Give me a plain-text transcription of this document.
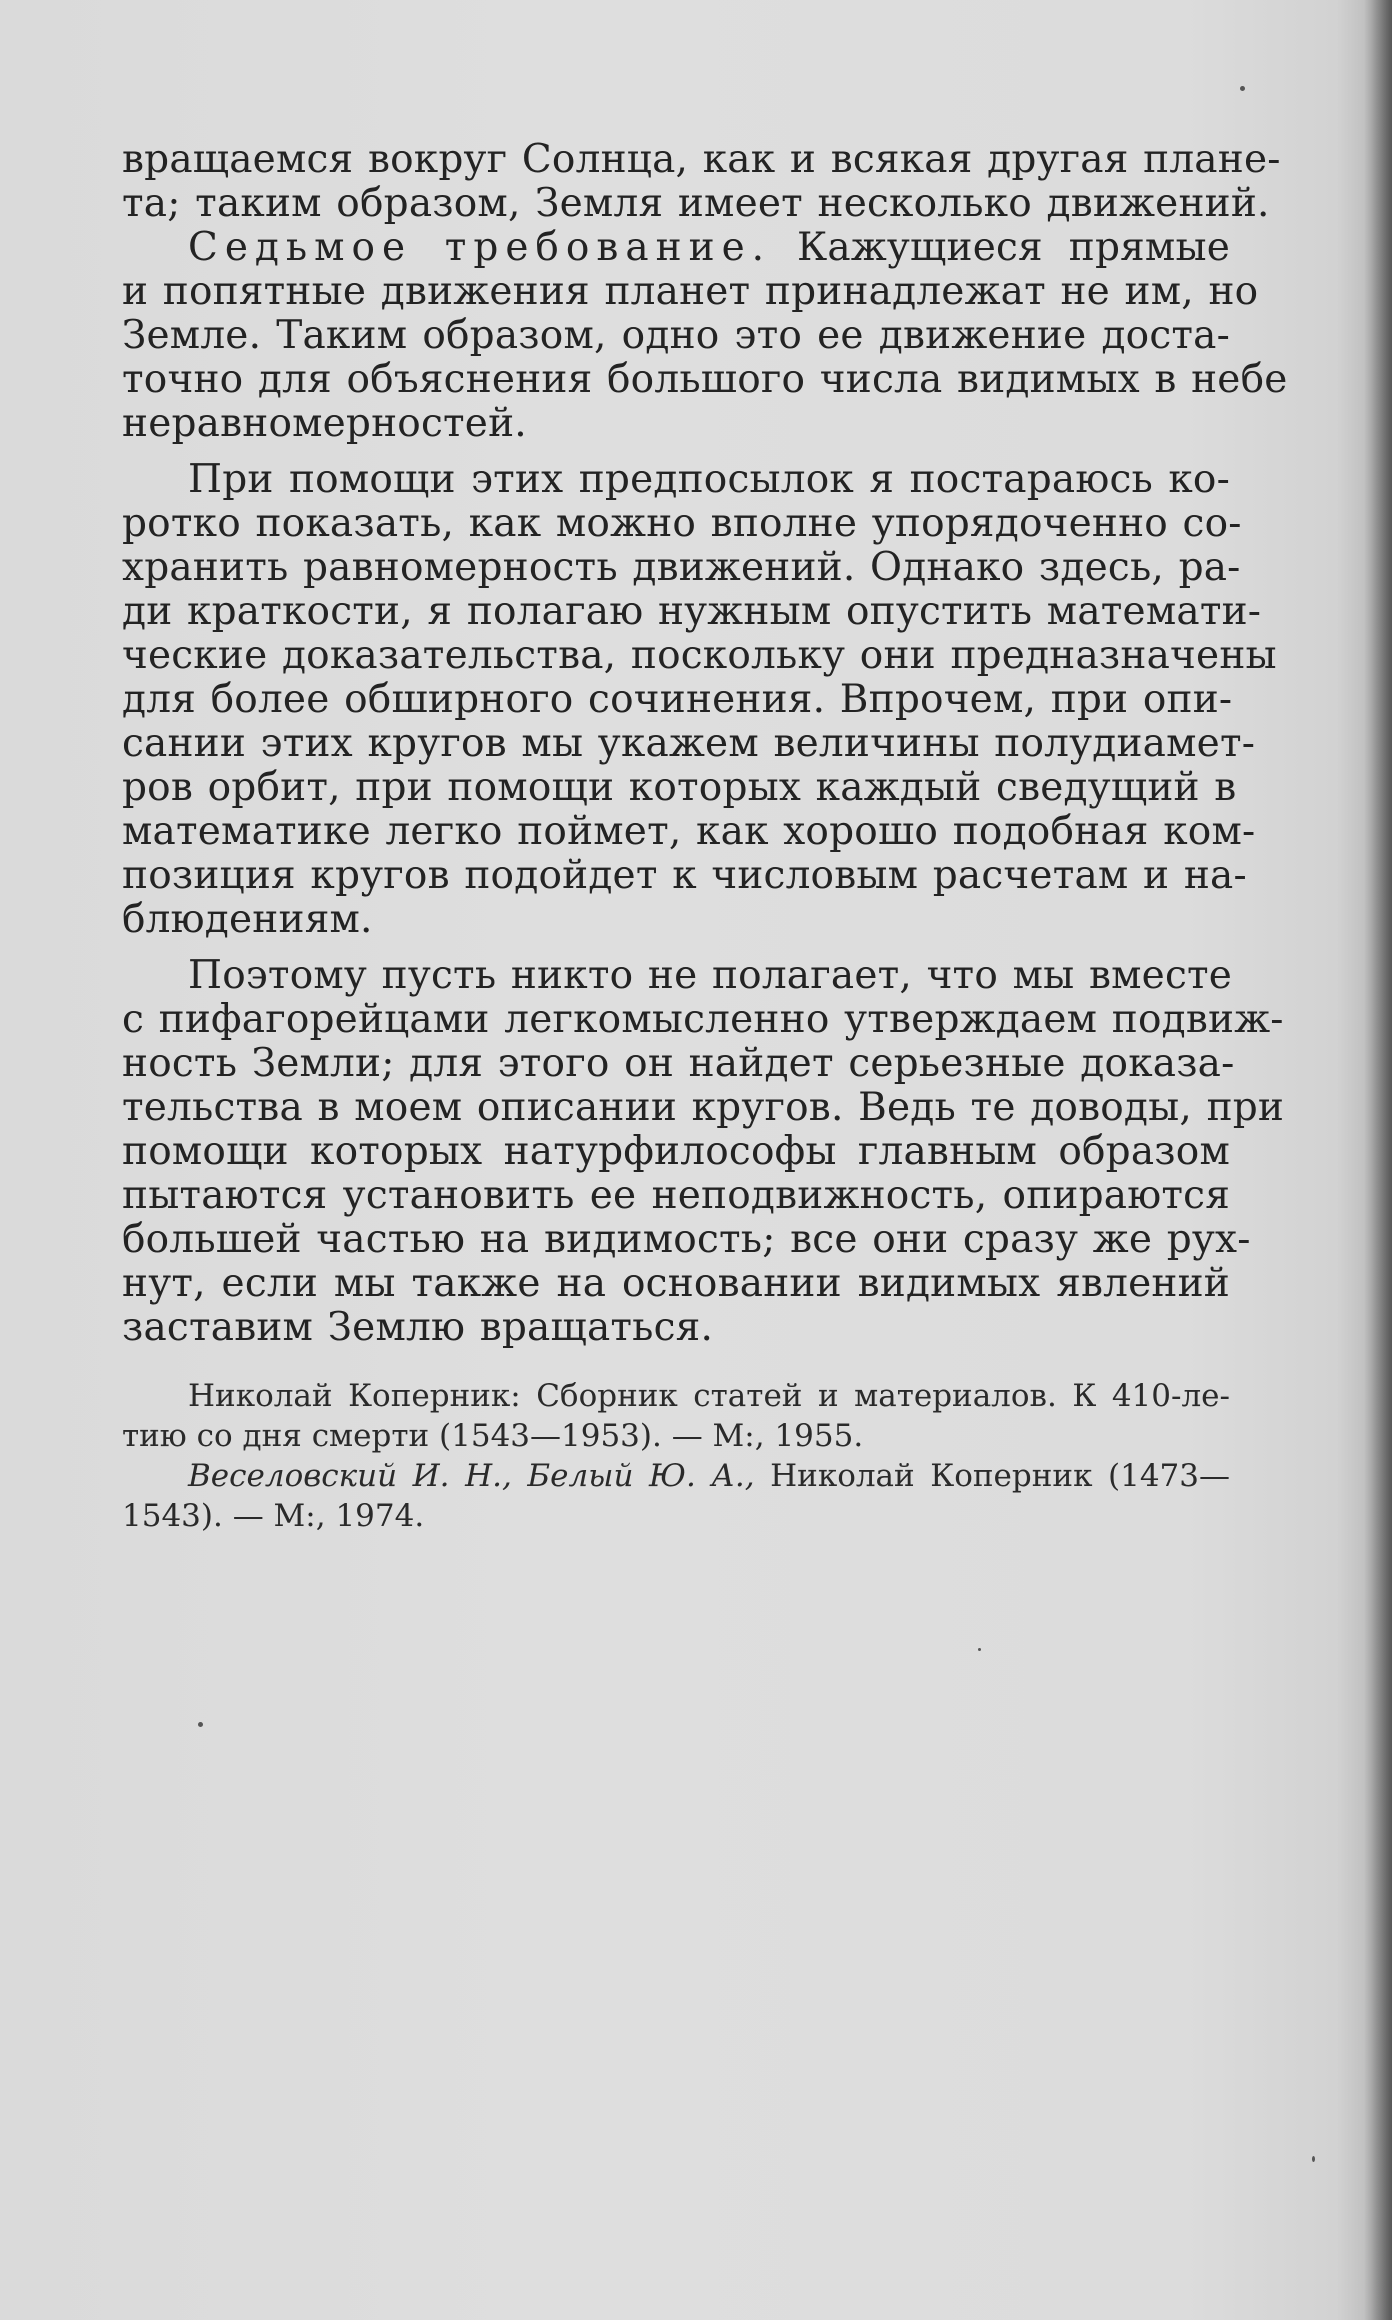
вращаемся вокруг Солнца, как и всякая другая плане-
та; таким образом, Земля имеет несколько движений.
Седьмое требование. Кажущиеся прямые
и попятные движения планет принадлежат не им, но
Земле. Таким образом, одно это ее движение доста-
точно для объяснения большого числа видимых в небе
неравномерностей.
При помощи этих предпосылок я постараюсь ко-
ротко показать, как можно вполне упорядоченно со-
хранить равномерность движений. Однако здесь, ра-
ди краткости, я полагаю нужным опустить математи-
ческие доказательства, поскольку они предназначены
для более обширного сочинения. Впрочем, при опи-
сании этих кругов мы укажем величины полудиамет-
ров орбит, при помощи которых каждый сведущий в
математике легко поймет, как хорошо подобная ком-
позиция кругов подойдет к числовым расчетам и на-
блюдениям.
Поэтому пусть никто не полагает, что мы вместе
с пифагорейцами легкомысленно утверждаем подвиж-
ность Земли; для этого он найдет серьезные доказа-
тельства в моем описании кругов. Ведь те доводы, при
помощи которых натурфилософы главным образом
пытаются установить ее неподвижность, опираются
большей частью на видимость; все они сразу же рух-
нут, если мы также на основании видимых явлений
заставим Землю вращаться.
Николай Коперник: Сборник статей и материалов. К 410-ле-
тию со дня смерти (1543—1953). — М:, 1955.
Веселовский И. Н., Белый Ю. А., Николай Коперник (1473—
1543). — М:, 1974.
